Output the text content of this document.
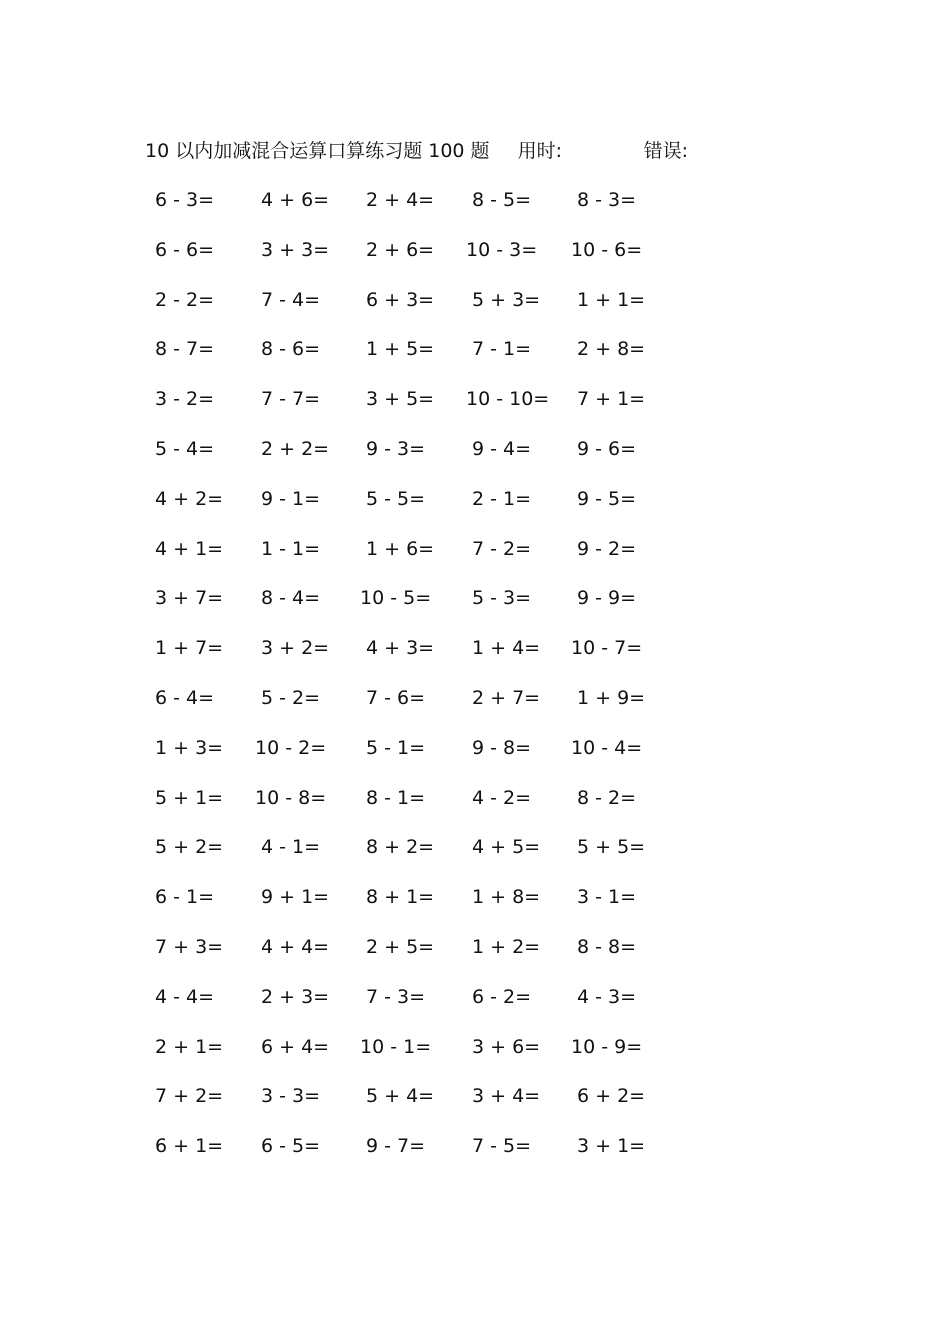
10 以内加减混合运算口算练习题 100 题 用时:	错误:
6 - 3= 4 + 6= 2 + 4= 8 - 5= 8 - 3=
6 - 6= 3 + 3= 2 + 6= 10 - 3= 10 - 6=
2 - 2= 7 - 4= 6 + 3= 5 + 3= 1 + 1=
8 - 7= 8 - 6= 1 + 5= 7 - 1= 2 + 8=
3 - 2= 7 - 7= 3 + 5= 10 - 10= 7 + 1=
5 - 4= 2 + 2= 9 - 3= 9 - 4= 9 - 6=
4 + 2= 9 - 1= 5 - 5= 2 - 1= 9 - 5=
4 + 1= 1 - 1= 1 + 6= 7 - 2= 9 - 2=
3 + 7= 8 - 4= 10 - 5= 5 - 3= 9 - 9=
1 + 7= 3 + 2= 4 + 3= 1 + 4= 10 - 7=
6 - 4= 5 - 2= 7 - 6= 2 + 7= 1 + 9=
1 + 3= 10 - 2= 5 - 1= 9 - 8= 10 - 4=
5 + 1= 10 - 8= 8 - 1= 4 - 2= 8 - 2=
5 + 2= 4 - 1= 8 + 2= 4 + 5= 5 + 5=
6 - 1= 9 + 1= 8 + 1= 1 + 8= 3 - 1=
7 + 3= 4 + 4= 2 + 5= 1 + 2= 8 - 8=
4 - 4= 2 + 3= 7 - 3= 6 - 2= 4 - 3=
2 + 1= 6 + 4= 10 - 1= 3 + 6= 10 - 9=
7 + 2= 3 - 3= 5 + 4= 3 + 4= 6 + 2=
6 + 1= 6 - 5= 9 - 7= 7 - 5= 3 + 1=
